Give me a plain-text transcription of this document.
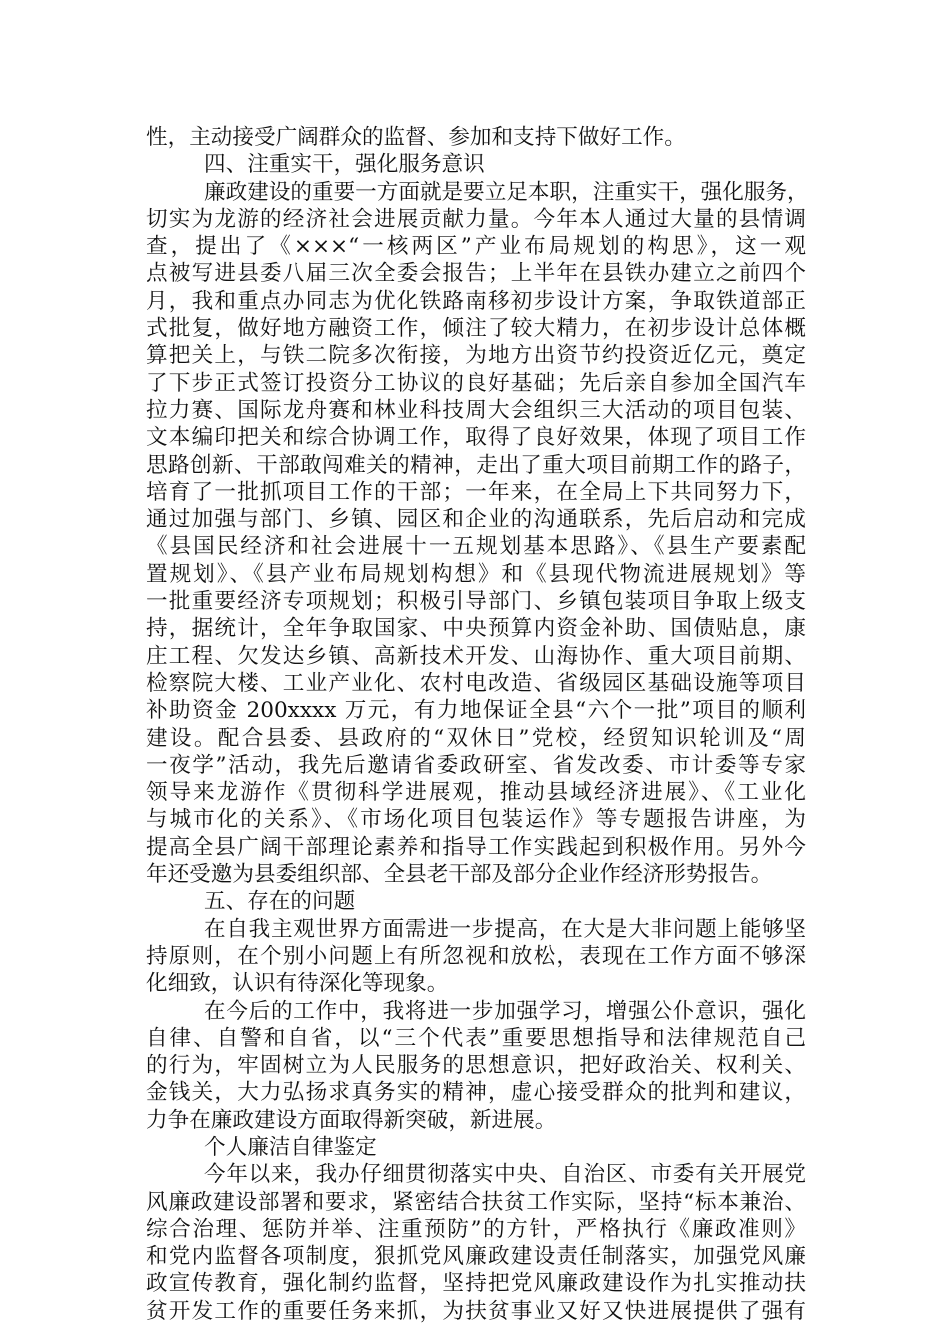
性，主动接受广阔群众的监督、参加和支持下做好工作。
四、注重实干，强化服务意识
廉政建设的重要一方面就是要立足本职，注重实干，强化服务，
切实为龙游的经济社会进展贡献力量。今年本人通过大量的县情调
查，提出了《×××“一核两区”产业布局规划的构思》，这一观
点被写进县委八届三次全委会报告；上半年在县铁办建立之前四个
月，我和重点办同志为优化铁路南移初步设计方案，争取铁道部正
式批复，做好地方融资工作，倾注了较大精力，在初步设计总体概
算把关上，与铁二院多次衔接，为地方出资节约投资近亿元，奠定
了下步正式签订投资分工协议的良好基础；先后亲自参加全国汽车
拉力赛、国际龙舟赛和林业科技周大会组织三大活动的项目包装、
文本编印把关和综合协调工作，取得了良好效果，体现了项目工作
思路创新、干部敢闯难关的精神，走出了重大项目前期工作的路子，
培育了一批抓项目工作的干部；一年来，在全局上下共同努力下，
通过加强与部门、乡镇、园区和企业的沟通联系，先后启动和完成
《县国民经济和社会进展十一五规划基本思路》、《县生产要素配
置规划》、《县产业布局规划构想》和《县现代物流进展规划》等
一批重要经济专项规划；积极引导部门、乡镇包装项目争取上级支
持，据统计，全年争取国家、中央预算内资金补助、国债贴息，康
庄工程、欠发达乡镇、高新技术开发、山海协作、重大项目前期、
检察院大楼、工业产业化、农村电改造、省级园区基础设施等项目
补助资金 200xxxx 万元，有力地保证全县“六个一批”项目的顺利
建设。配合县委、县政府的“双休日”党校，经贸知识轮训及“周
一夜学”活动，我先后邀请省委政研室、省发改委、市计委等专家
领导来龙游作《贯彻科学进展观，推动县域经济进展》、《工业化
与城市化的关系》、《市场化项目包装运作》等专题报告讲座，为
提高全县广阔干部理论素养和指导工作实践起到积极作用。另外今
年还受邀为县委组织部、全县老干部及部分企业作经济形势报告。
五、存在的问题
在自我主观世界方面需进一步提高，在大是大非问题上能够坚
持原则，在个别小问题上有所忽视和放松，表现在工作方面不够深
化细致，认识有待深化等现象。
在今后的工作中，我将进一步加强学习，增强公仆意识，强化
自律、自警和自省，以“三个代表”重要思想指导和法律规范自己
的行为，牢固树立为人民服务的思想意识，把好政治关、权利关、
金钱关，大力弘扬求真务实的精神，虚心接受群众的批判和建议，
力争在廉政建设方面取得新突破，新进展。
个人廉洁自律鉴定
今年以来，我办仔细贯彻落实中央、自治区、市委有关开展党
风廉政建设部署和要求，紧密结合扶贫工作实际，坚持“标本兼治、
综合治理、惩防并举、注重预防”的方针，严格执行《廉政准则》
和党内监督各项制度，狠抓党风廉政建设责任制落实，加强党风廉
政宣传教育，强化制约监督，坚持把党风廉政建设作为扎实推动扶
贫开发工作的重要任务来抓，为扶贫事业又好又快进展提供了强有
